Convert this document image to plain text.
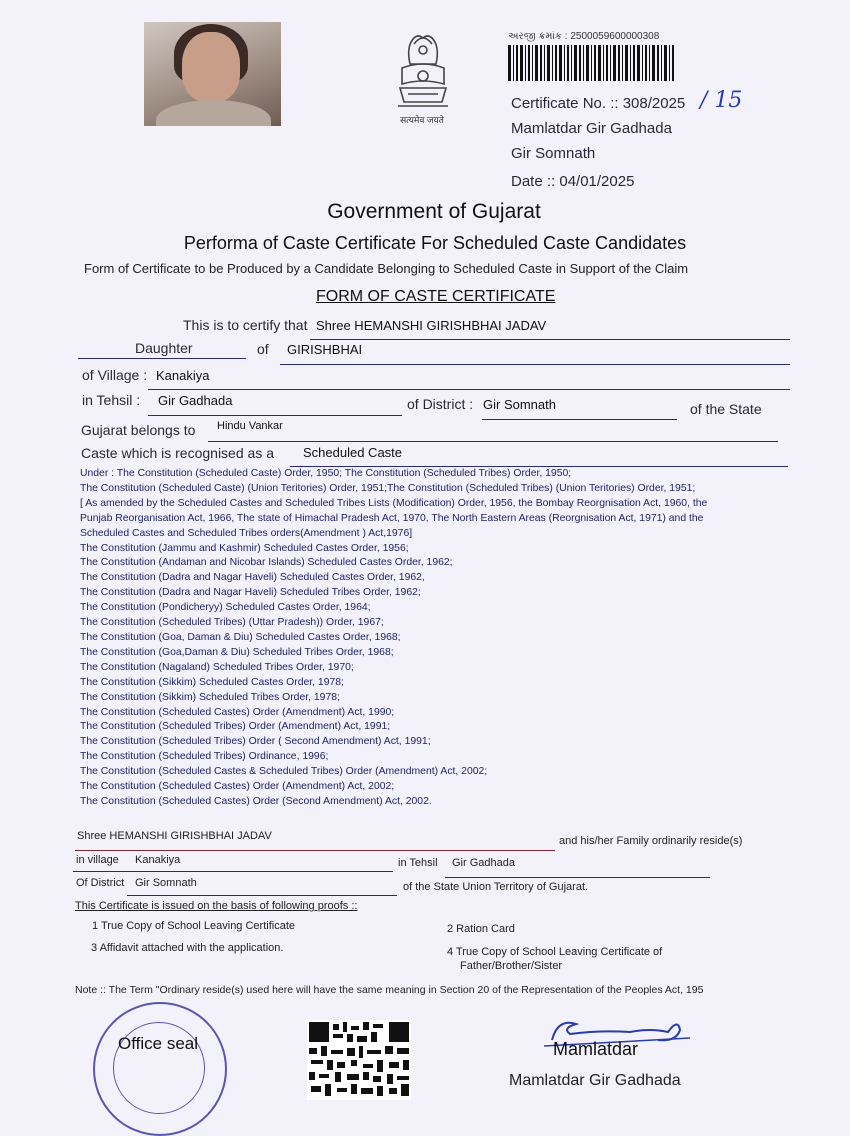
सत्यमेव जयते
અરજી ક્રમાંક : 2500059600000308
Certificate No. :: 308/2025 / 15
Mamlatdar Gir Gadhada
Gir Somnath
Date :: 04/01/2025
Government of Gujarat
Performa of Caste Certificate For Scheduled Caste Candidates
Form of Certificate to be Produced by a Candidate Belonging to Scheduled Caste in Support of the Claim
FORM OF CASTE CERTIFICATE
This is to certify that Shree HEMANSHI GIRISHBHAI JADAV
Daughter	of GIRISHBHAI
of Village : Kanakiya
in Tehsil : Gir Gadhada	of District : Gir Somnath	of the State
Gujarat belongs to Hindu Vankar
Caste which is recognised as a Scheduled Caste
Under : The Constitution (Scheduled Caste) Order, 1950; The Constitution (Scheduled Tribes) Order, 1950;
The Constitution (Scheduled Caste) (Union Teritories) Order, 1951;The Constitution (Scheduled Tribes) (Union Teritories) Order, 1951;
[ As amended by the Scheduled Castes and Scheduled Tribes Lists (Modification) Order, 1956, the Bombay Reorgnisation Act, 1960, the
Punjab Reorganisation Act, 1966, The state of Himachal Pradesh Act, 1970, The North Eastern Areas (Reorgnisation Act, 1971) and the
Scheduled Castes and Scheduled Tribes orders(Amendment ) Act,1976]
The Constitution (Jammu and Kashmir) Scheduled Castes Order, 1956;
The Constitution (Andaman and Nicobar Islands) Scheduled Castes Order, 1962;
The Constitution (Dadra and Nagar Haveli) Scheduled Castes Order, 1962,
The Constitution (Dadra and Nagar Haveli) Scheduled Tribes Order, 1962;
The Constitution (Pondicheryy) Scheduled Castes Order, 1964;
The Constitution (Scheduled Tribes) (Uttar Pradesh)) Order, 1967;
The Constitution (Goa, Daman & Diu) Scheduled Castes Order, 1968;
The Constitution (Goa,Daman & Diu) Scheduled Tribes Order, 1968;
The Constitution (Nagaland) Scheduled Tribes Order, 1970;
The Constitution (Sikkim) Scheduled Castes Order, 1978;
The Constitution (Sikkim) Scheduled Tribes Order, 1978;
The Constitution (Scheduled Castes) Order (Amendment) Act, 1990;
The Constitution (Scheduled Tribes) Order (Amendment) Act, 1991;
The Constitution (Scheduled Tribes) Order ( Second Amendment) Act, 1991;
The Constitution (Scheduled Tribes) Ordinance, 1996;
The Constitution (Scheduled Castes & Scheduled Tribes) Order (Amendment) Act, 2002;
The Constitution (Scheduled Castes) Order (Amendment) Act, 2002;
The Constitution (Scheduled Castes) Order (Second Amendment) Act, 2002.
Shree HEMANSHI GIRISHBHAI JADAV	and his/her Family ordinarily reside(s)
in village Kanakiya	in Tehsil Gir Gadhada
Of District Gir Somnath	of the State Union Territory of Gujarat.
This Certificate is issued on the basis of following proofs ::
1 True Copy of School Leaving Certificate	2 Ration Card
3 Affidavit attached with the application.	4 True Copy of School Leaving Certificate of
Father/Brother/Sister
Note :: The Term "Ordinary reside(s) used here will have the same meaning in Section 20 of the Representation of the Peoples Act, 195
Office seal	Mamlatdar
Mamlatdar Gir Gadhada
